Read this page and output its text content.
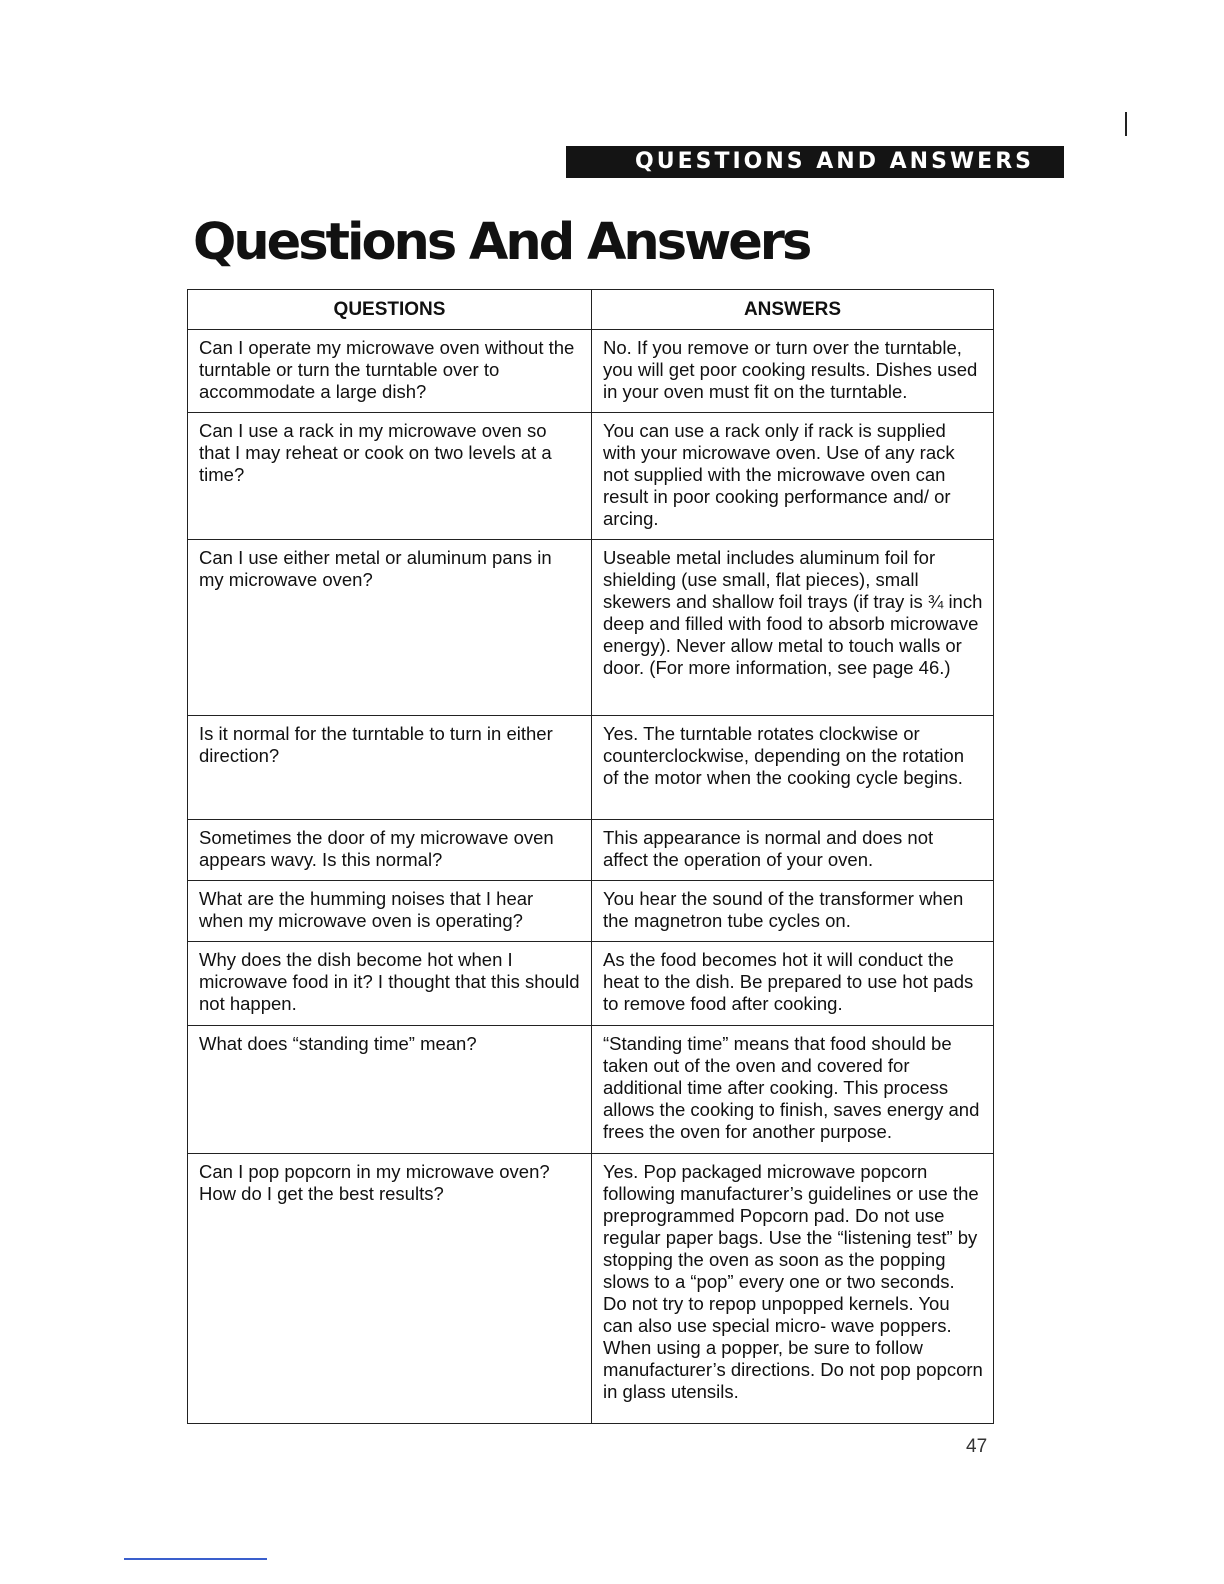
QUESTIONS AND ANSWERS
Questions And Answers
QUESTIONS	ANSWERS
Can I operate my microwave oven without the turntable or turn the turntable over to accommodate a large dish?	No. If you remove or turn over the turntable, you will get poor cooking results. Dishes used in your oven must fit on the turntable.
Can I use a rack in my microwave oven so that I may reheat or cook on two levels at a time?	You can use a rack only if rack is supplied with your microwave oven. Use of any rack not supplied with the microwave oven can result in poor cooking performance and/ or arcing.
Can I use either metal or aluminum pans in my microwave oven?	Useable metal includes aluminum foil for shielding (use small, flat pieces), small skewers and shallow foil trays (if tray is ¾ inch deep and filled with food to absorb microwave energy). Never allow metal to touch walls or door. (For more information, see page 46.)
Is it normal for the turntable to turn in either direction?	Yes. The turntable rotates clockwise or counterclockwise, depending on the rotation of the motor when the cooking cycle begins.
Sometimes the door of my microwave oven appears wavy. Is this normal?	This appearance is normal and does not affect the operation of your oven.
What are the humming noises that I hear when my microwave oven is operating?	You hear the sound of the transformer when the magnetron tube cycles on.
Why does the dish become hot when I microwave food in it? I thought that this should not happen.	As the food becomes hot it will conduct the heat to the dish. Be prepared to use hot pads to remove food after cooking.
What does “standing time” mean?	“Standing time” means that food should be taken out of the oven and covered for additional time after cooking. This process allows the cooking to finish, saves energy and frees the oven for another purpose.
Can I pop popcorn in my microwave oven? How do I get the best results?	Yes. Pop packaged microwave popcorn following manufacturer’s guidelines or use the preprogrammed Popcorn pad. Do not use regular paper bags. Use the “listening test” by stopping the oven as soon as the popping slows to a “pop” every one or two seconds. Do not try to repop unpopped kernels. You can also use special micro- wave poppers. When using a popper, be sure to follow manufacturer’s directions. Do not pop popcorn in glass utensils.
47
